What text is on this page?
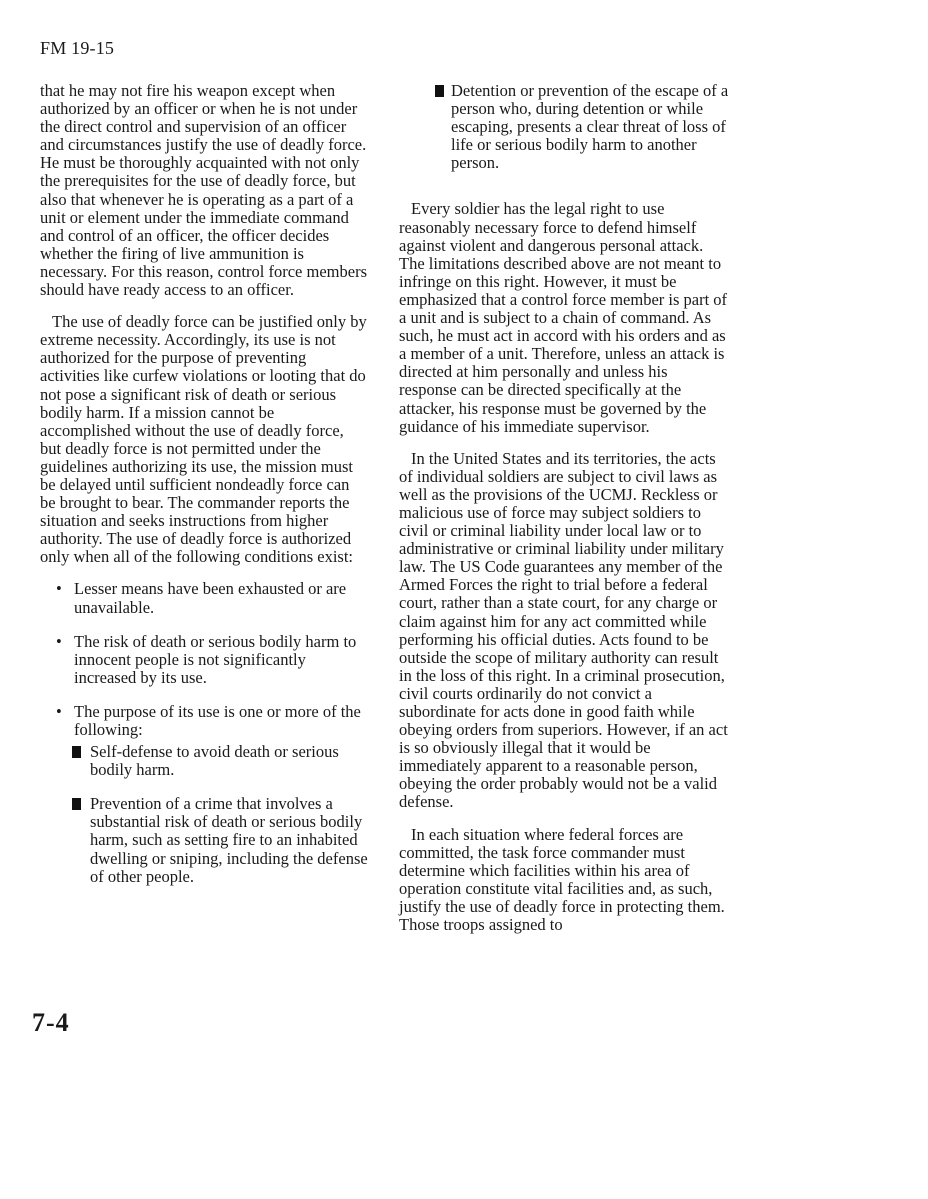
FM 19-15

that he may not fire his weapon except when authorized by an officer or when he is not under the direct control and supervision of an officer and circumstances justify the use of deadly force. He must be thoroughly acquainted with not only the prerequisites for the use of deadly force, but also that whenever he is operating as a part of a unit or element under the immediate command and control of an officer, the officer decides whether the firing of live ammunition is necessary. For this reason, control force members should have ready access to an officer.

The use of deadly force can be justified only by extreme necessity. Accordingly, its use is not authorized for the purpose of preventing activities like curfew violations or looting that do not pose a significant risk of death or serious bodily harm. If a mission cannot be accomplished without the use of deadly force, but deadly force is not permitted under the guidelines authorizing its use, the mission must be delayed until sufficient nondeadly force can be brought to bear. The commander reports the situation and seeks instructions from higher authority. The use of deadly force is authorized only when all of the following conditions exist:

• Lesser means have been exhausted or are unavailable.
• The risk of death or serious bodily harm to innocent people is not significantly increased by its use.
• The purpose of its use is one or more of the following:
Self-defense to avoid death or serious bodily harm.
Prevention of a crime that involves a substantial risk of death or serious bodily harm, such as setting fire to an inhabited dwelling or sniping, including the defense of other people.
Detention or prevention of the escape of a person who, during detention or while escaping, presents a clear threat of loss of life or serious bodily harm to another person.

Every soldier has the legal right to use reasonably necessary force to defend himself against violent and dangerous personal attack. The limitations described above are not meant to infringe on this right. However, it must be emphasized that a control force member is part of a unit and is subject to a chain of command. As such, he must act in accord with his orders and as a member of a unit. Therefore, unless an attack is directed at him personally and unless his response can be directed specifically at the attacker, his response must be governed by the guidance of his immediate supervisor.

In the United States and its territories, the acts of individual soldiers are subject to civil laws as well as the provisions of the UCMJ. Reckless or malicious use of force may subject soldiers to civil or criminal liability under local law or to administrative or criminal liability under military law. The US Code guarantees any member of the Armed Forces the right to trial before a federal court, rather than a state court, for any charge or claim against him for any act committed while performing his official duties. Acts found to be outside the scope of military authority can result in the loss of this right. In a criminal prosecution, civil courts ordinarily do not convict a subordinate for acts done in good faith while obeying orders from superiors. However, if an act is so obviously illegal that it would be immediately apparent to a reasonable person, obeying the order probably would not be a valid defense.

In each situation where federal forces are committed, the task force commander must determine which facilities within his area of operation constitute vital facilities and, as such, justify the use of deadly force in protecting them. Those troops assigned to

7-4
